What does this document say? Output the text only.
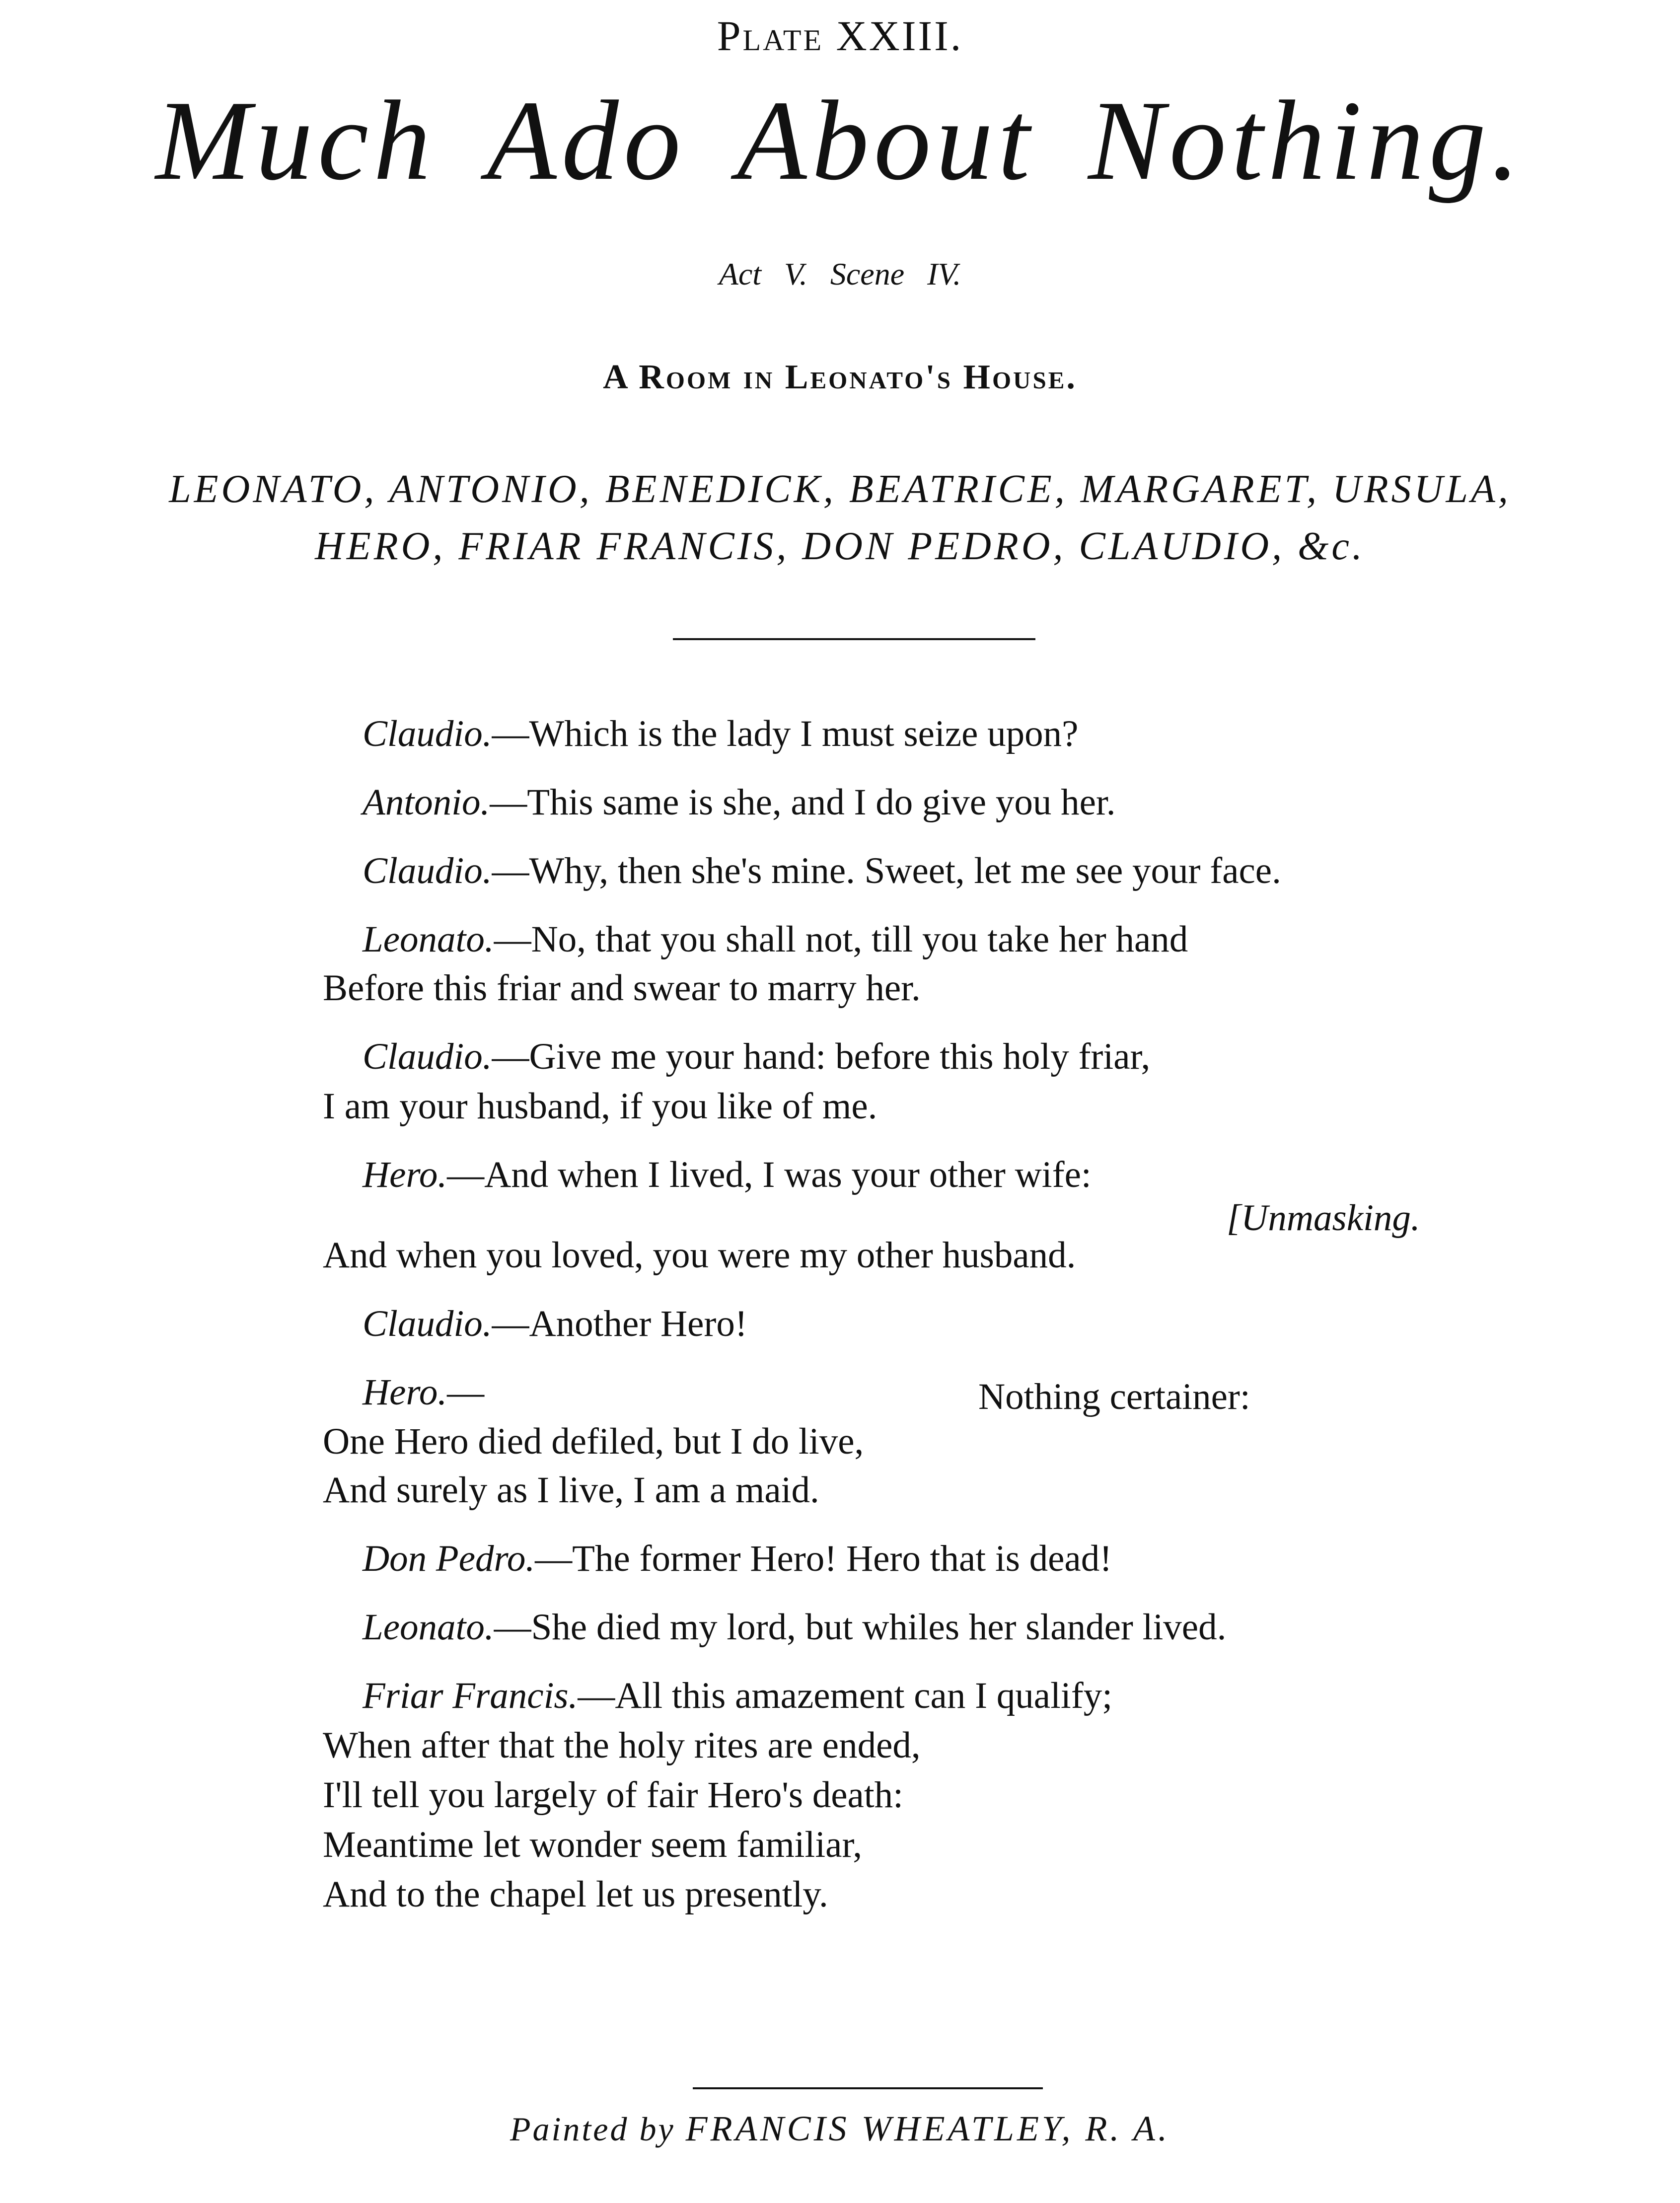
Plate XXIII.
Much Ado About Nothing.
Act V. Scene IV.
A Room in Leonato's House.
LEONATO, ANTONIO, BENEDICK, BEATRICE, MARGARET, URSULA,
HERO, FRIAR FRANCIS, DON PEDRO, CLAUDIO, &c.
Claudio.—Which is the lady I must seize upon?
Antonio.—This same is she, and I do give you her.
Claudio.—Why, then she's mine. Sweet, let me see your face.
Leonato.—No, that you shall not, till you take her hand
Before this friar and swear to marry her.
Claudio.—Give me your hand: before this holy friar,
I am your husband, if you like of me.
Hero.—And when I lived, I was your other wife:
[Unmasking.
And when you loved, you were my other husband.
Claudio.—Another Hero!
Hero.—	Nothing certainer:
One Hero died defiled, but I do live,
And surely as I live, I am a maid.
Don Pedro.—The former Hero! Hero that is dead!
Leonato.—She died my lord, but whiles her slander lived.
Friar Francis.—All this amazement can I qualify;
When after that the holy rites are ended,
I'll tell you largely of fair Hero's death:
Meantime let wonder seem familiar,
And to the chapel let us presently.
Painted by FRANCIS WHEATLEY, R. A.
